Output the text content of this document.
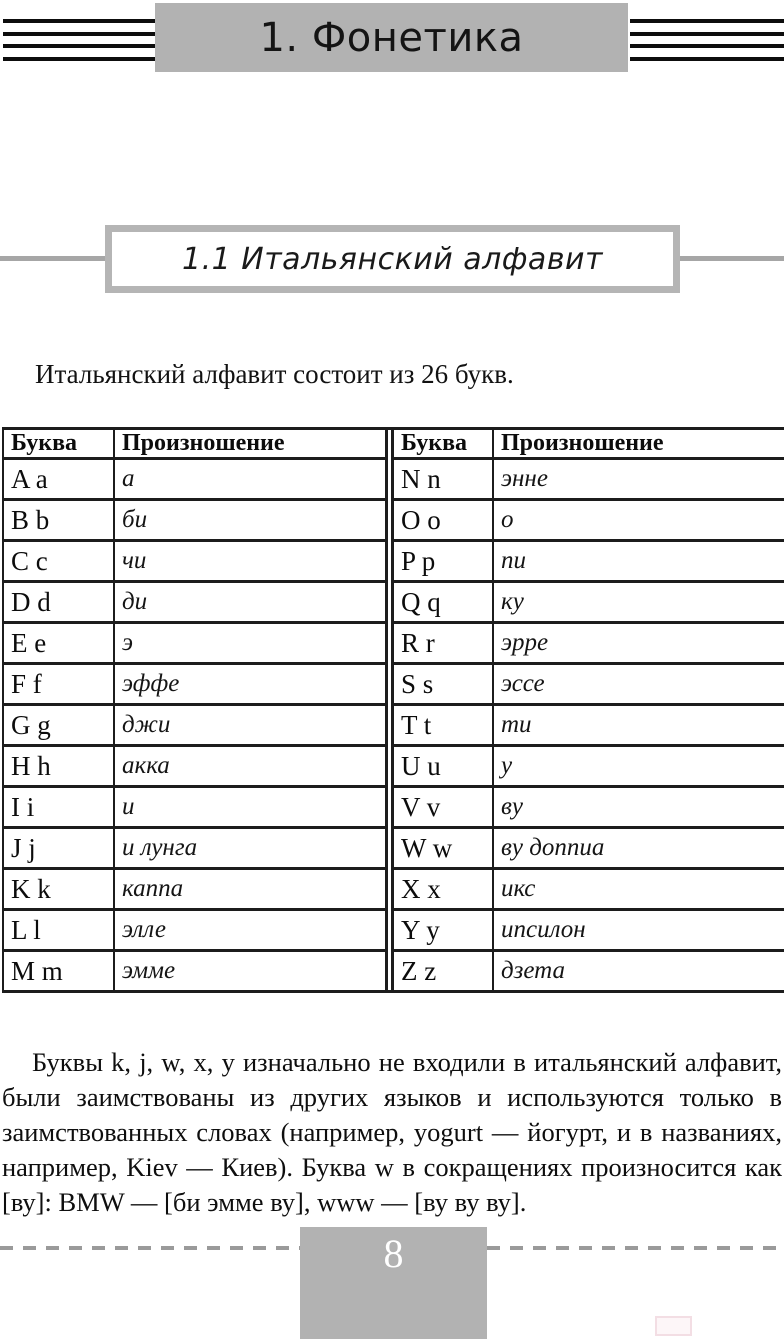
1. Фонетика
1.1 Итальянский алфавит
Итальянский алфавит состоит из 26 букв.
Буква	Произношение
A a	а
B b	би
C c	чи
D d	ди
E e	э
F f	эффе
G g	джи
H h	акка
I i	и
J j	и лунга
K k	каппа
L l	элле
M m	эмме
Буква	Произношение
N n	энне
O o	о
P p	пи
Q q	ку
R r	эрре
S s	эссе
T t	ти
U u	у
V v	ву
W w	ву доппиа
X x	икс
Y y	ипсилон
Z z	дзета
Буквы k, j, w, x, y изначально не входили в итальянский алфавит, были заимствованы из других языков и используются только в заимствованных словах (например, yogurt — йогурт, и в названиях, например, Kiev — Киев). Буква w в сокращениях произносится как [ву]: BMW — [би эмме ву], www — [ву ву ву].
8
